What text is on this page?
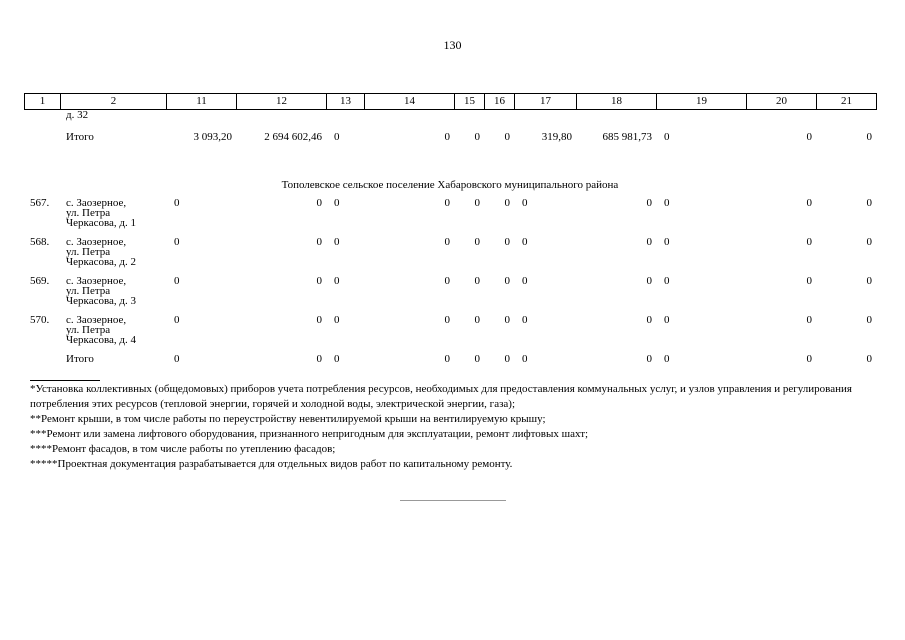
130
1	2	11	12	13	14	15	16	17	18	19	20	21
	д. 32											
	Итого	3 093,20	2 694 602,46	0	0	0	0	319,80	685 981,73	0	0	0
Тополевское сельское поселение Хабаровского муниципального района												
567.	с. Заозерное,
ул. Петра
Черкасова, д. 1	0	0	0	0	0	0	0	0	0	0	0
568.	с. Заозерное,
ул. Петра
Черкасова, д. 2	0	0	0	0	0	0	0	0	0	0	0
569.	с. Заозерное,
ул. Петра
Черкасова, д. 3	0	0	0	0	0	0	0	0	0	0	0
570.	с. Заозерное,
ул. Петра
Черкасова, д. 4	0	0	0	0	0	0	0	0	0	0	0
	Итого	0	0	0	0	0	0	0	0	0	0	0
*Установка коллективных (общедомовых) приборов учета потребления ресурсов, необходимых для предоставления коммунальных услуг, и узлов управления и регулирования потребления этих ресурсов (тепловой энергии, горячей и холодной воды, электрической энергии, газа);
**Ремонт крыши, в том числе работы по переустройству невентилируемой крыши на вентилируемую крышу;
***Ремонт или замена лифтового оборудования, признанного непригодным для эксплуатации, ремонт лифтовых шахт;
****Ремонт фасадов, в том числе работы по утеплению фасадов;
*****Проектная документация разрабатывается для отдельных видов работ по капитальному ремонту.
